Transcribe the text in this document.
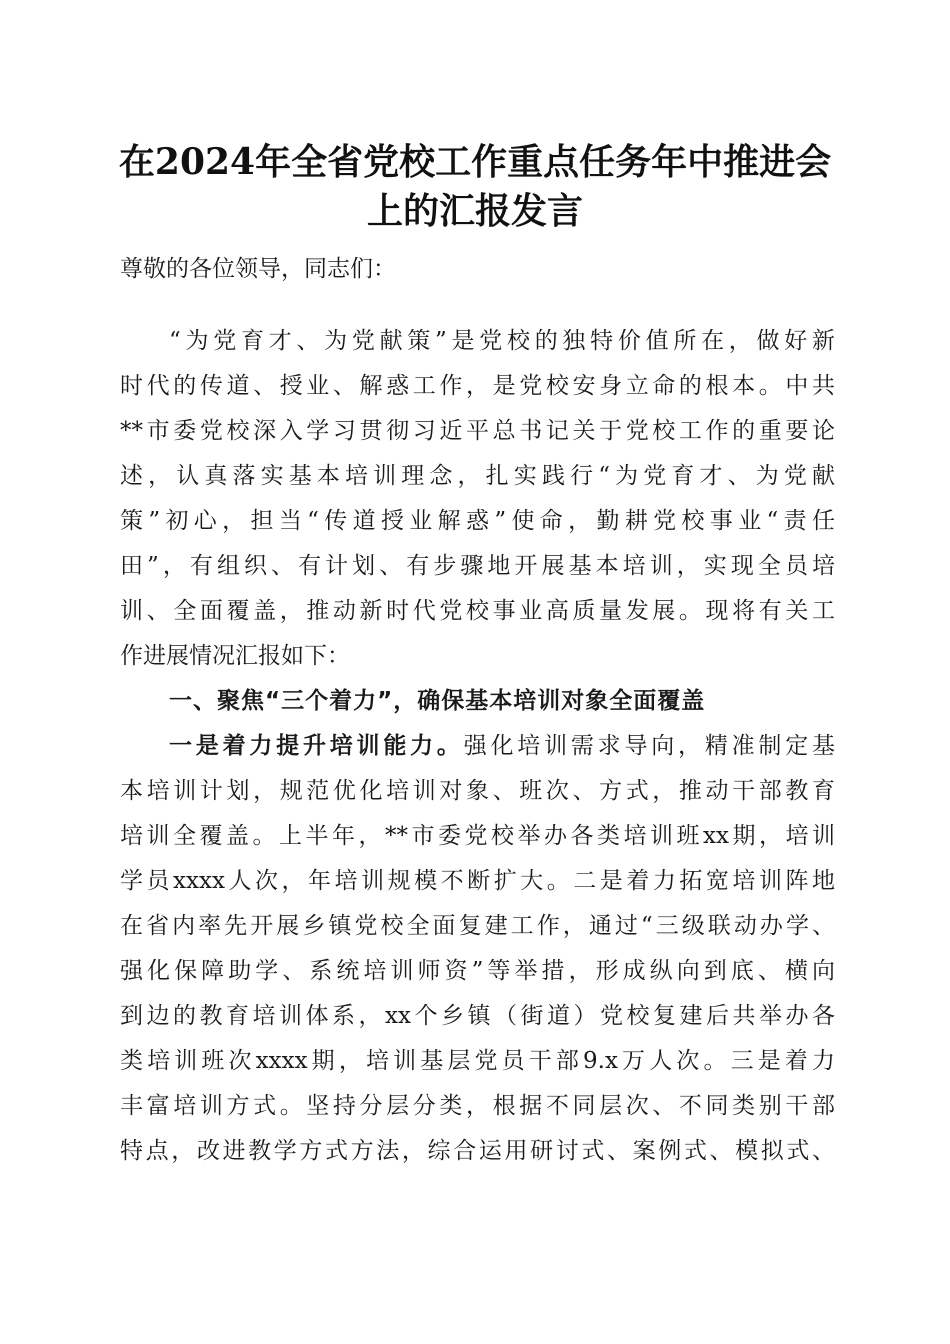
在2024年全省党校工作重点任务年中推进会
上的汇报发言
尊敬的各位领导，同志们：
“为党育才、为党献策”是党校的独特价值所在，做好新
时代的传道、授业、解惑工作，是党校安身立命的根本。中共
**市委党校深入学习贯彻习近平总书记关于党校工作的重要论
述，认真落实基本培训理念，扎实践行“为党育才、为党献
策”初心，担当“传道授业解惑”使命，勤耕党校事业“责任
田”，有组织、有计划、有步骤地开展基本培训，实现全员培
训、全面覆盖，推动新时代党校事业高质量发展。现将有关工
作进展情况汇报如下：
一、聚焦“三个着力”，确保基本培训对象全面覆盖
一是着力提升培训能力。强化培训需求导向，精准制定基
本培训计划，规范优化培训对象、班次、方式，推动干部教育
培训全覆盖。上半年，**市委党校举办各类培训班xx期，培训
学员xxxx人次，年培训规模不断扩大。二是着力拓宽培训阵地
在省内率先开展乡镇党校全面复建工作，通过“三级联动办学、
强化保障助学、系统培训师资”等举措，形成纵向到底、横向
到边的教育培训体系，xx个乡镇（街道）党校复建后共举办各
类培训班次xxxx期，培训基层党员干部9.x万人次。三是着力
丰富培训方式。坚持分层分类，根据不同层次、不同类别干部
特点，改进教学方式方法，综合运用研讨式、案例式、模拟式、
